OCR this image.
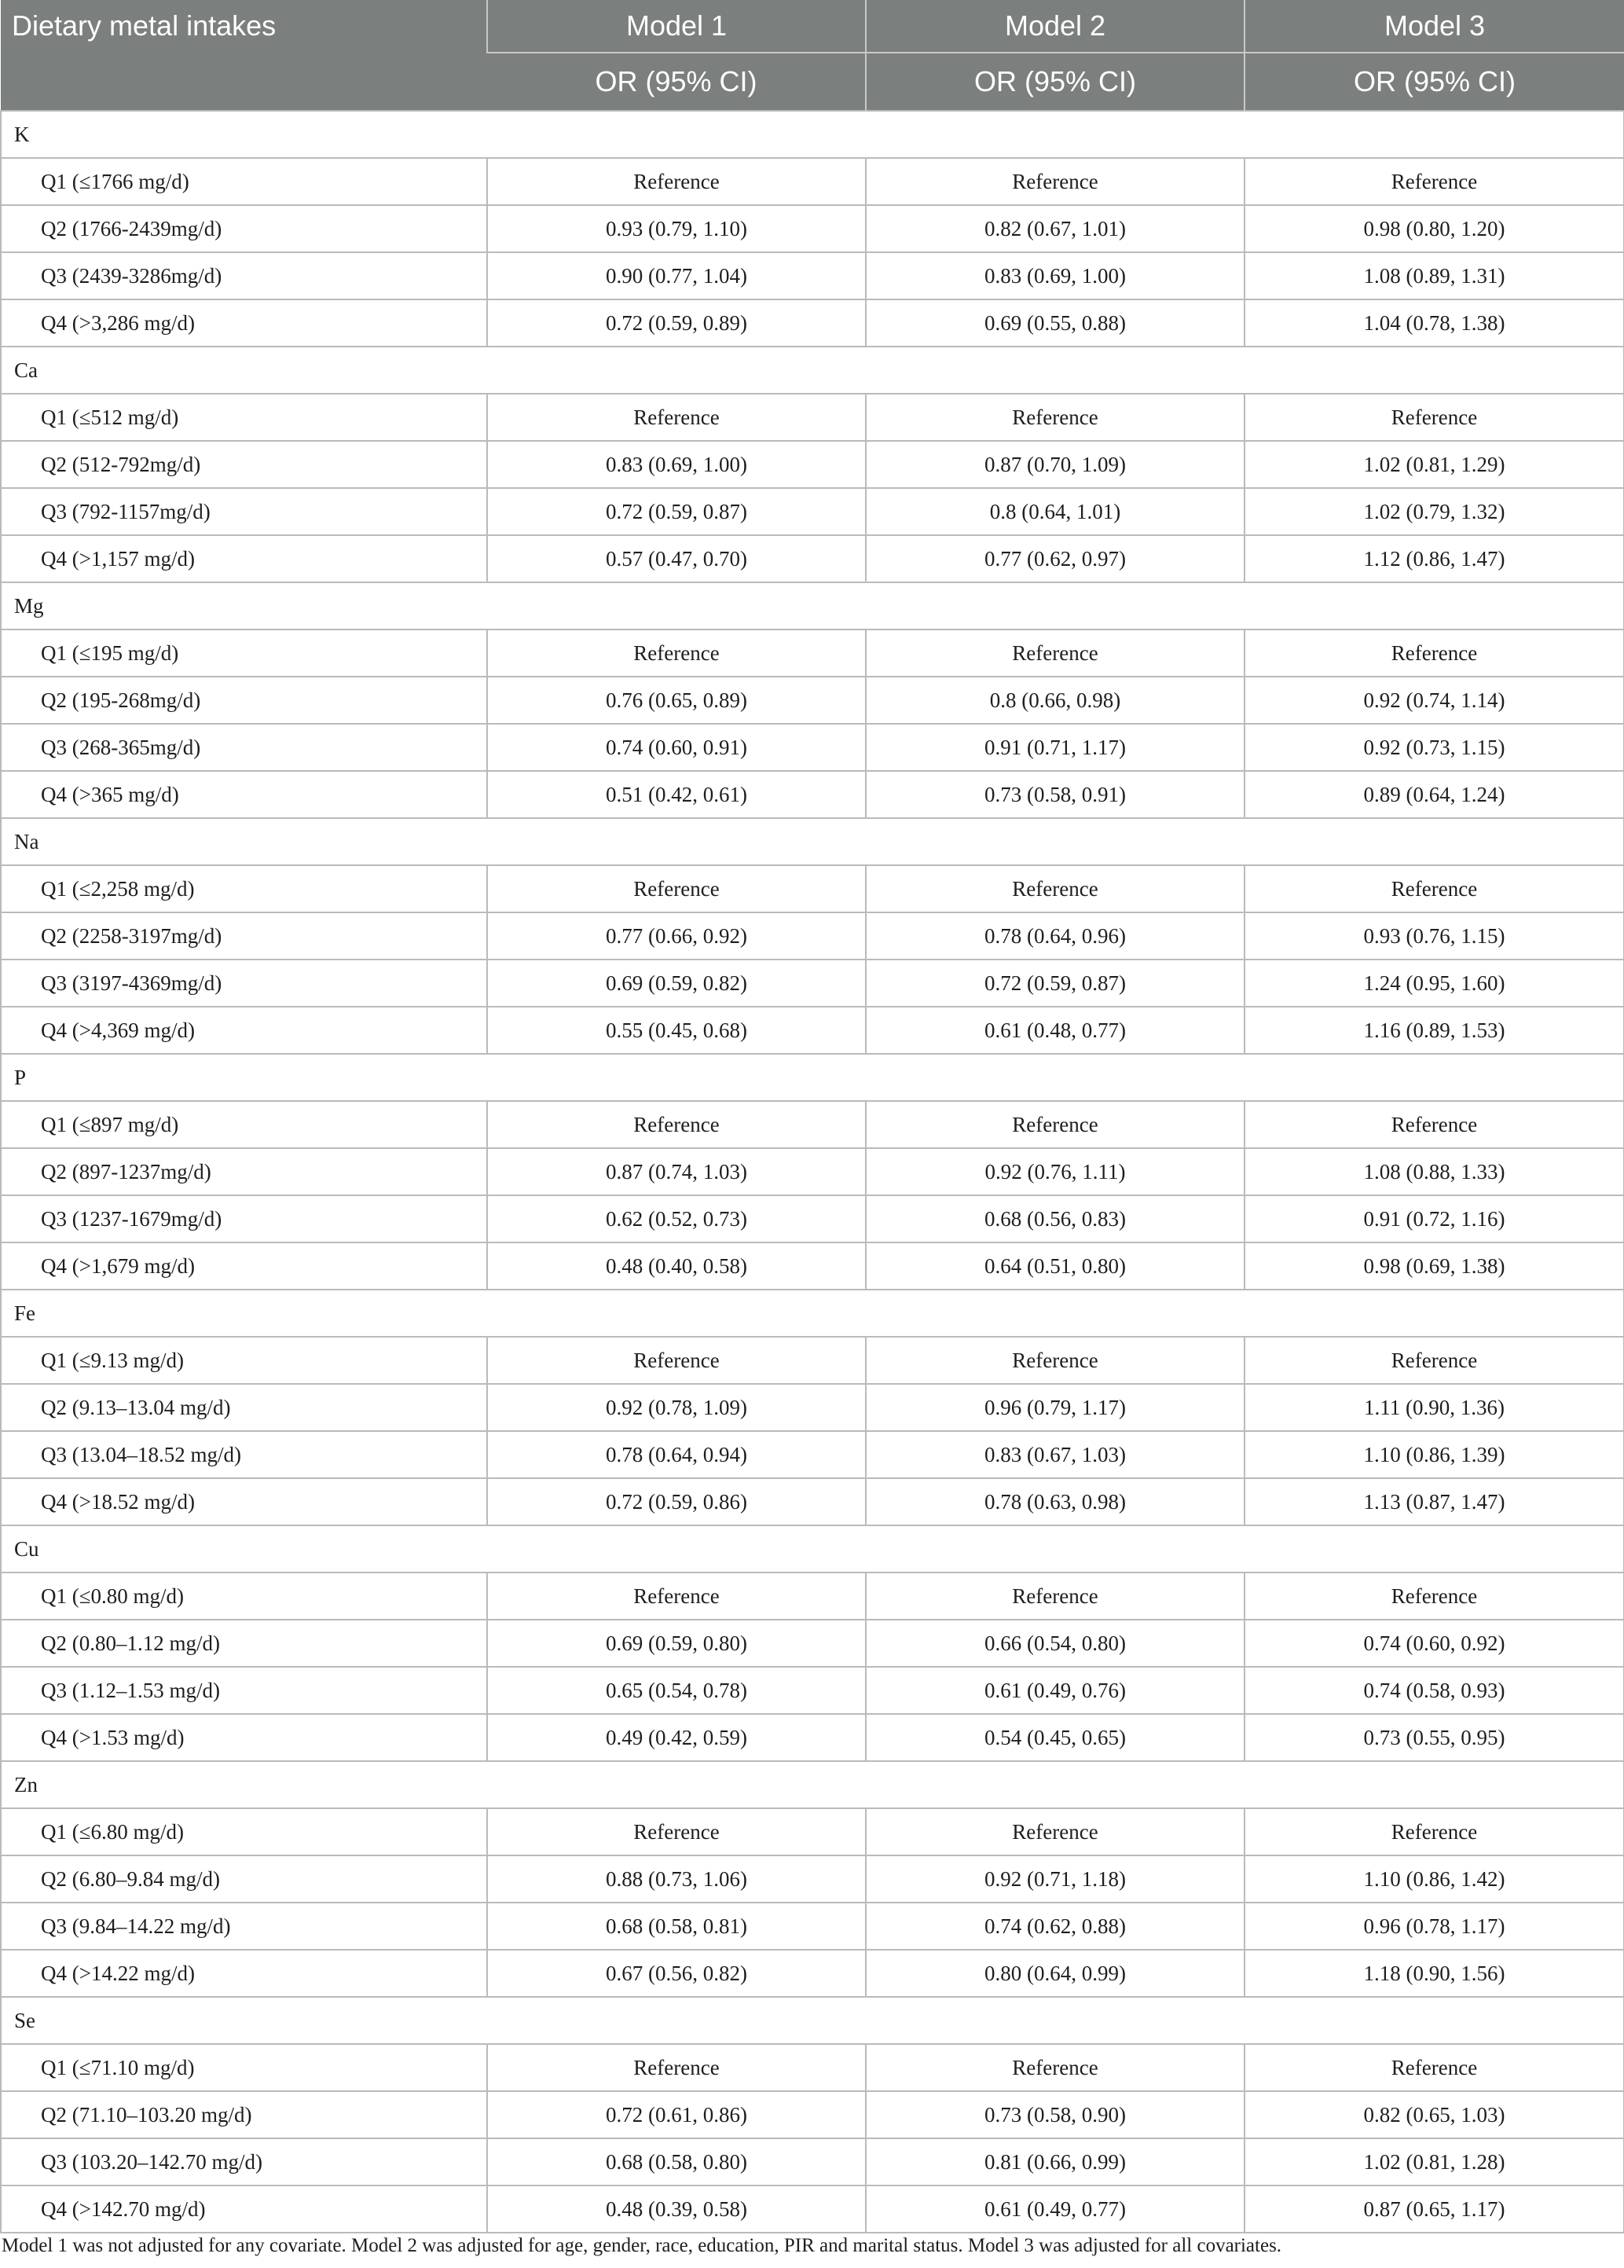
Dietary metal intakes	Model 1	Model 2	Model 3
	OR (95% CI)	OR (95% CI)	OR (95% CI)
K			
Q1 (≤1766 mg/d)	Reference	Reference	Reference
Q2 (1766-2439mg/d)	0.93 (0.79, 1.10)	0.82 (0.67, 1.01)	0.98 (0.80, 1.20)
Q3 (2439-3286mg/d)	0.90 (0.77, 1.04)	0.83 (0.69, 1.00)	1.08 (0.89, 1.31)
Q4 (>3,286 mg/d)	0.72 (0.59, 0.89)	0.69 (0.55, 0.88)	1.04 (0.78, 1.38)
Ca			
Q1 (≤512 mg/d)	Reference	Reference	Reference
Q2 (512-792mg/d)	0.83 (0.69, 1.00)	0.87 (0.70, 1.09)	1.02 (0.81, 1.29)
Q3 (792-1157mg/d)	0.72 (0.59, 0.87)	0.8 (0.64, 1.01)	1.02 (0.79, 1.32)
Q4 (>1,157 mg/d)	0.57 (0.47, 0.70)	0.77 (0.62, 0.97)	1.12 (0.86, 1.47)
Mg			
Q1 (≤195 mg/d)	Reference	Reference	Reference
Q2 (195-268mg/d)	0.76 (0.65, 0.89)	0.8 (0.66, 0.98)	0.92 (0.74, 1.14)
Q3 (268-365mg/d)	0.74 (0.60, 0.91)	0.91 (0.71, 1.17)	0.92 (0.73, 1.15)
Q4 (>365 mg/d)	0.51 (0.42, 0.61)	0.73 (0.58, 0.91)	0.89 (0.64, 1.24)
Na			
Q1 (≤2,258 mg/d)	Reference	Reference	Reference
Q2 (2258-3197mg/d)	0.77 (0.66, 0.92)	0.78 (0.64, 0.96)	0.93 (0.76, 1.15)
Q3 (3197-4369mg/d)	0.69 (0.59, 0.82)	0.72 (0.59, 0.87)	1.24 (0.95, 1.60)
Q4 (>4,369 mg/d)	0.55 (0.45, 0.68)	0.61 (0.48, 0.77)	1.16 (0.89, 1.53)
P			
Q1 (≤897 mg/d)	Reference	Reference	Reference
Q2 (897-1237mg/d)	0.87 (0.74, 1.03)	0.92 (0.76, 1.11)	1.08 (0.88, 1.33)
Q3 (1237-1679mg/d)	0.62 (0.52, 0.73)	0.68 (0.56, 0.83)	0.91 (0.72, 1.16)
Q4 (>1,679 mg/d)	0.48 (0.40, 0.58)	0.64 (0.51, 0.80)	0.98 (0.69, 1.38)
Fe			
Q1 (≤9.13 mg/d)	Reference	Reference	Reference
Q2 (9.13–13.04 mg/d)	0.92 (0.78, 1.09)	0.96 (0.79, 1.17)	1.11 (0.90, 1.36)
Q3 (13.04–18.52 mg/d)	0.78 (0.64, 0.94)	0.83 (0.67, 1.03)	1.10 (0.86, 1.39)
Q4 (>18.52 mg/d)	0.72 (0.59, 0.86)	0.78 (0.63, 0.98)	1.13 (0.87, 1.47)
Cu			
Q1 (≤0.80 mg/d)	Reference	Reference	Reference
Q2 (0.80–1.12 mg/d)	0.69 (0.59, 0.80)	0.66 (0.54, 0.80)	0.74 (0.60, 0.92)
Q3 (1.12–1.53 mg/d)	0.65 (0.54, 0.78)	0.61 (0.49, 0.76)	0.74 (0.58, 0.93)
Q4 (>1.53 mg/d)	0.49 (0.42, 0.59)	0.54 (0.45, 0.65)	0.73 (0.55, 0.95)
Zn			
Q1 (≤6.80 mg/d)	Reference	Reference	Reference
Q2 (6.80–9.84 mg/d)	0.88 (0.73, 1.06)	0.92 (0.71, 1.18)	1.10 (0.86, 1.42)
Q3 (9.84–14.22 mg/d)	0.68 (0.58, 0.81)	0.74 (0.62, 0.88)	0.96 (0.78, 1.17)
Q4 (>14.22 mg/d)	0.67 (0.56, 0.82)	0.80 (0.64, 0.99)	1.18 (0.90, 1.56)
Se			
Q1 (≤71.10 mg/d)	Reference	Reference	Reference
Q2 (71.10–103.20 mg/d)	0.72 (0.61, 0.86)	0.73 (0.58, 0.90)	0.82 (0.65, 1.03)
Q3 (103.20–142.70 mg/d)	0.68 (0.58, 0.80)	0.81 (0.66, 0.99)	1.02 (0.81, 1.28)
Q4 (>142.70 mg/d)	0.48 (0.39, 0.58)	0.61 (0.49, 0.77)	0.87 (0.65, 1.17)
Model 1 was not adjusted for any covariate. Model 2 was adjusted for age, gender, race, education, PIR and marital status. Model 3 was adjusted for all covariates.
